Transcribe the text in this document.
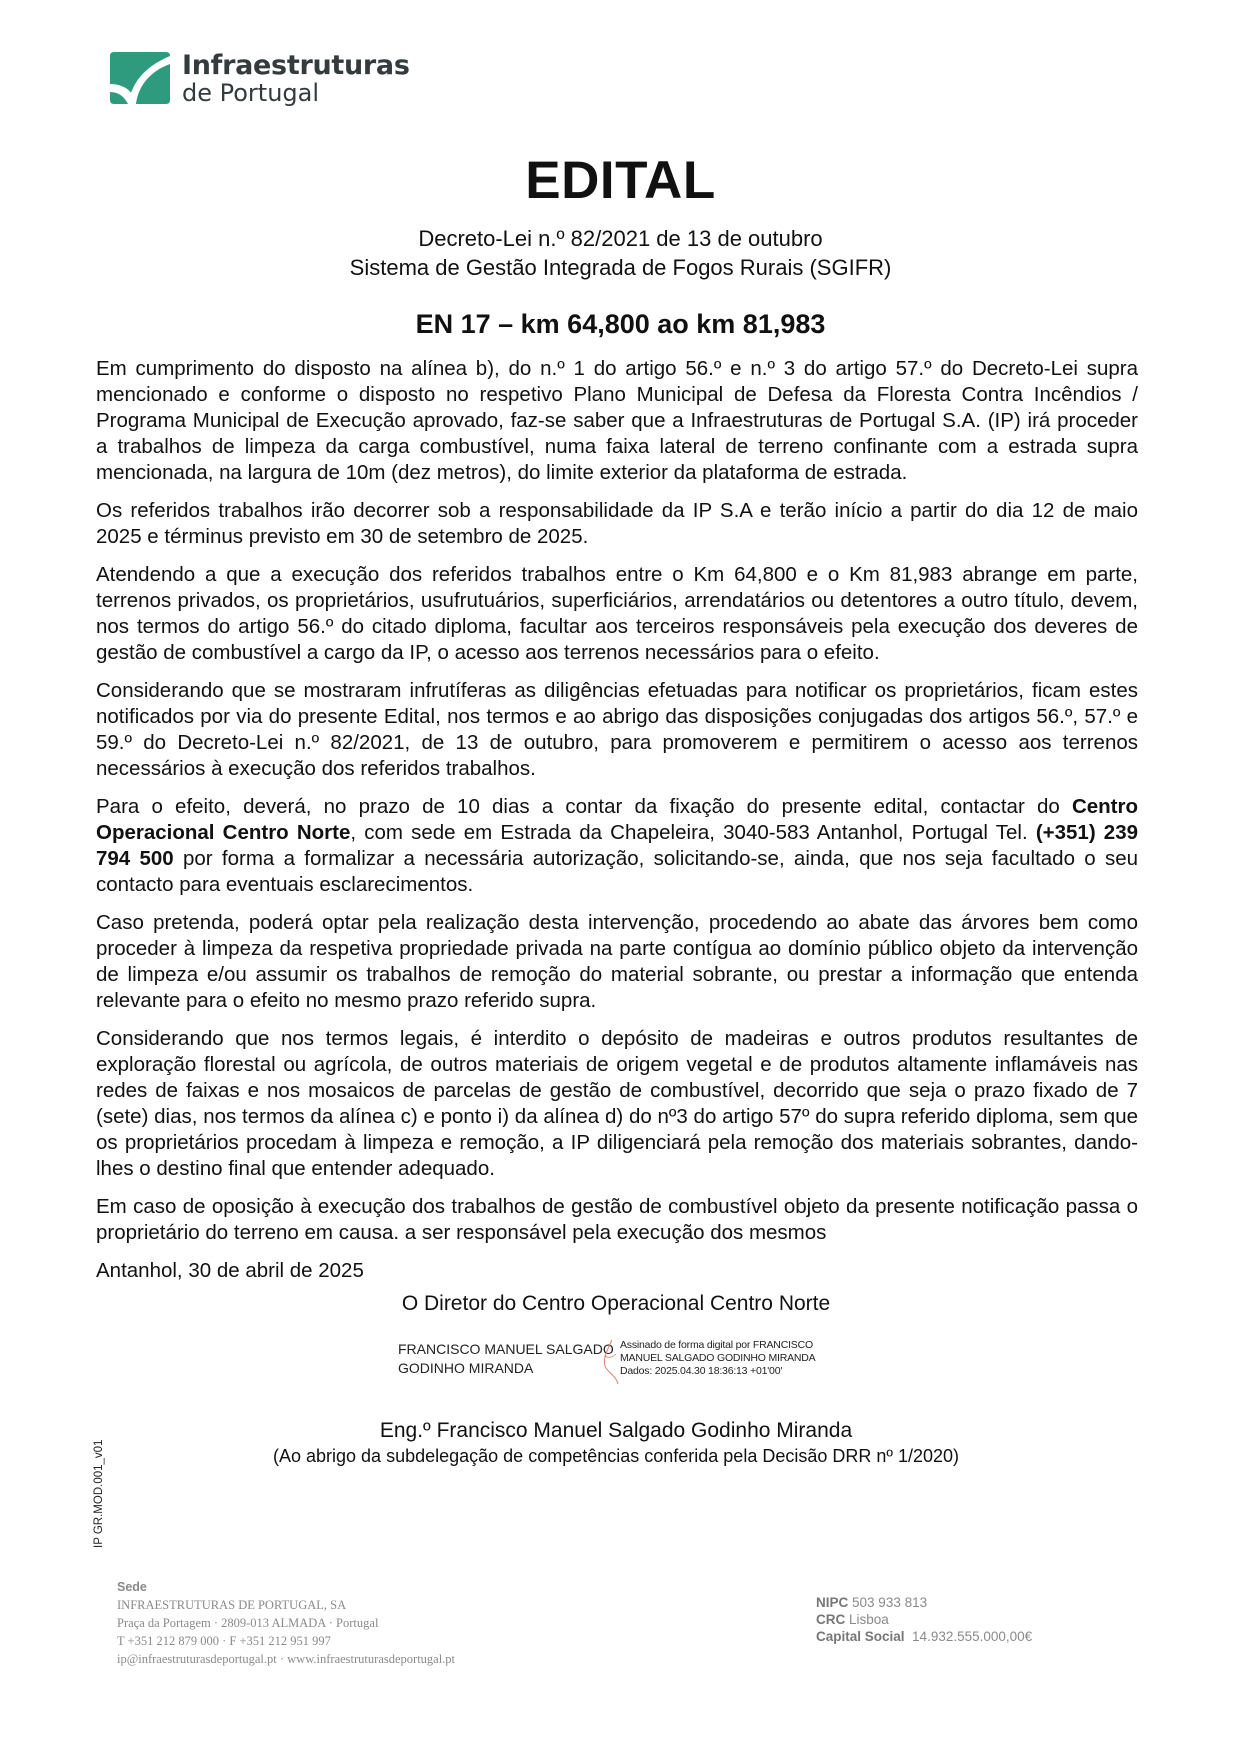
Infraestruturas
de Portugal
EDITAL
Decreto-Lei n.º 82/2021 de 13 de outubro
Sistema de Gestão Integrada de Fogos Rurais (SGIFR)
EN 17 – km 64,800 ao km 81,983

Em cumprimento do disposto na alínea b), do n.º 1 do artigo 56.º e n.º 3 do artigo 57.º do Decreto-Lei supra mencionado e conforme o disposto no respetivo Plano Municipal de Defesa da Floresta Contra Incêndios / Programa Municipal de Execução aprovado, faz-se saber que a Infraestruturas de Portugal S.A. (IP) irá proceder a trabalhos de limpeza da carga combustível, numa faixa lateral de terreno confinante com a estrada supra mencionada, na largura de 10m (dez metros), do limite exterior da plataforma de estrada.

Os referidos trabalhos irão decorrer sob a responsabilidade da IP S.A e terão início a partir do dia 12 de maio 2025 e términus previsto em 30 de setembro de 2025.

Atendendo a que a execução dos referidos trabalhos entre o Km 64,800 e o Km 81,983 abrange em parte, terrenos privados, os proprietários, usufrutuários, superficiários, arrendatários ou detentores a outro título, devem, nos termos do artigo 56.º do citado diploma, facultar aos terceiros responsáveis pela execução dos deveres de gestão de combustível a cargo da IP, o acesso aos terrenos necessários para o efeito.

Considerando que se mostraram infrutíferas as diligências efetuadas para notificar os proprietários, ficam estes notificados por via do presente Edital, nos termos e ao abrigo das disposições conjugadas dos artigos 56.º, 57.º e 59.º do Decreto-Lei n.º 82/2021, de 13 de outubro, para promoverem e permitirem o acesso aos terrenos necessários à execução dos referidos trabalhos.

Para o efeito, deverá, no prazo de 10 dias a contar da fixação do presente edital, contactar do Centro Operacional Centro Norte, com sede em Estrada da Chapeleira, 3040-583 Antanhol, Portugal Tel. (+351) 239 794 500 por forma a formalizar a necessária autorização, solicitando-se, ainda, que nos seja facultado o seu contacto para eventuais esclarecimentos.

Caso pretenda, poderá optar pela realização desta intervenção, procedendo ao abate das árvores bem como proceder à limpeza da respetiva propriedade privada na parte contígua ao domínio público objeto da intervenção de limpeza e/ou assumir os trabalhos de remoção do material sobrante, ou prestar a informação que entenda relevante para o efeito no mesmo prazo referido supra.

Considerando que nos termos legais, é interdito o depósito de madeiras e outros produtos resultantes de exploração florestal ou agrícola, de outros materiais de origem vegetal e de produtos altamente inflamáveis nas redes de faixas e nos mosaicos de parcelas de gestão de combustível, decorrido que seja o prazo fixado de 7 (sete) dias, nos termos da alínea c) e ponto i) da alínea d) do nº3 do artigo 57º do supra referido diploma, sem que os proprietários procedam à limpeza e remoção, a IP diligenciará pela remoção dos materiais sobrantes, dando-lhes o destino final que entender adequado.

Em caso de oposição à execução dos trabalhos de gestão de combustível objeto da presente notificação passa o proprietário do terreno em causa. a ser responsável pela execução dos mesmos

Antanhol, 30 de abril de 2025

O Diretor do Centro Operacional Centro Norte
FRANCISCO MANUEL SALGADO
GODINHO MIRANDA
Assinado de forma digital por FRANCISCO
MANUEL SALGADO GODINHO MIRANDA
Dados: 2025.04.30 18:36:13 +01'00'
Eng.º Francisco Manuel Salgado Godinho Miranda
(Ao abrigo da subdelegação de competências conferida pela Decisão DRR nº 1/2020)
IP GR.MOD.001_v01
Sede
INFRAESTRUTURAS DE PORTUGAL, SA
Praça da Portagem · 2809-013 ALMADA · Portugal
T +351 212 879 000 · F +351 212 951 997
ip@infraestruturasdeportugal.pt · www.infraestruturasdeportugal.pt
NIPC 503 933 813
CRC Lisboa
Capital Social 14.932.555.000,00€
